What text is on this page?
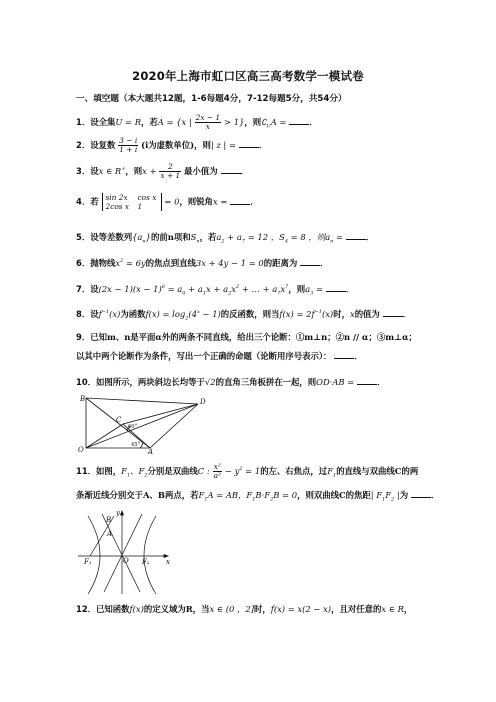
2020年上海市虹口区高三高考数学一模试卷
一、填空题（本大题共12题，1-6每题4分，7-12每题5分，共54分）
1．设全集U = R，若A = {x | $\frac{2x - 1}{x} > 1$}，则$∁_UA$ =	．
2．设复数 $\frac{3 - i}{1 + i} (i$为虚数单位)，则| z | =	．
3．设x ∈ R+，则$x + \frac{2}{x + 1}$ 最小值为	．
4．若 sin 2x cos x
2cos x 1	= 0，则锐角x =	．
5．设等差数列$\{a_n\}$的前n项和$S_n$，若$a_2 + a_7 = 12$ ，$S_4 = 8$ ，则$a_n$ =	．
6．抛物线$x^2 = 6y$的焦点到直线3x + 4y − 1 = 0的距离为	．
7．设$(2x - 1)(x - 1)^6 = a_0 + a_1x + a_2x^2$ + … + $a_7x^7$，则$a_3$ =	．
8．设$f^{-1}(x)$为函数$f(x) = \log_2(4^x - 1)$的反函数，则当$f(x) = 2f^{-1}(x)$时，x的值为	．
9．已知m、n是平面α外的两条不同直线，给出三个论断：①m⊥n；②n // α；③m⊥α；
以其中两个论断作为条件，写出一个正确的命题（论断用序号表示）：	．
10．如图所示，两块斜边长均等于√2的直角三角板拼在一起，则OD·AB =	．
B
C
D
O	A
60°
45°
11．如图，$F_1$、$F_2$分别是双曲线C : $\frac{\text{x²}}{\text{a²}} - y^2 = 1$的左、右焦点，过$F_1$的直线与双曲线C的两
条渐近线分别交于A、B两点，若$F_1A$ = AB，$F_1B\cdot F_2B = 0$，则双曲线C的焦距| $F_1F_2$ |为	．
y
x
O
F₁	F₂
A
B
12．已知函数f(x)的定义域为R，当x ∈ (0 ，2]时，f(x) = x(2 − x)，且对任意的x ∈ R，
